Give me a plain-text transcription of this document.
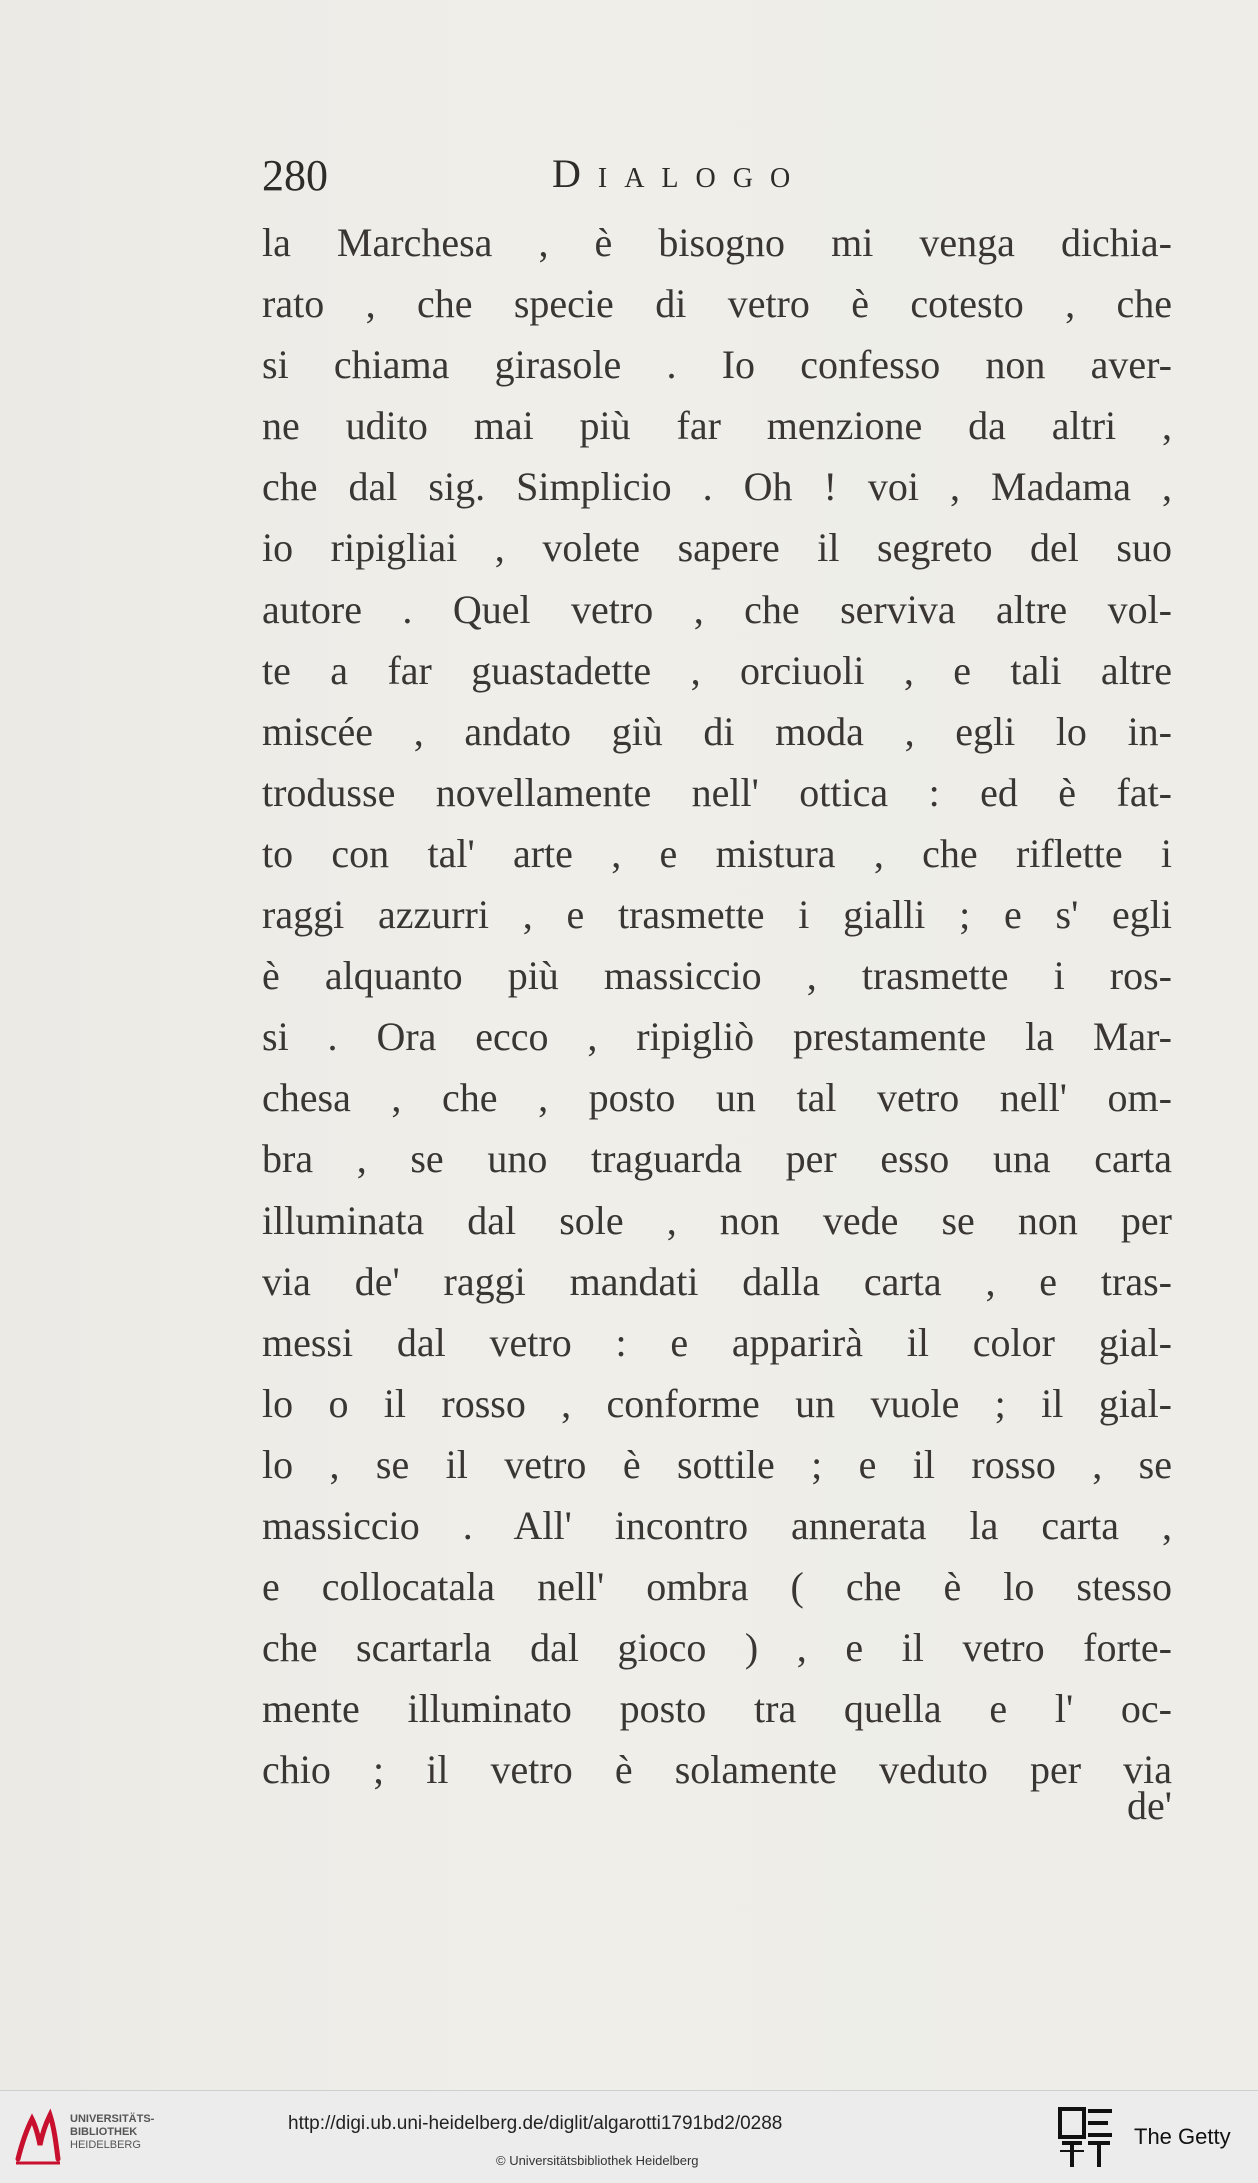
280	Dialogo
la Marchesa , è bisogno mi venga dichia-
rato , che specie di vetro è cotesto , che
si chiama girasole . Io confesso non aver-
ne udito mai più far menzione da altri ,
che dal sig. Simplicio . Oh ! voi , Madama ,
io ripigliai , volete sapere il segreto del suo
autore . Quel vetro , che serviva altre vol-
te a far guastadette , orciuoli , e tali altre
miscée , andato giù di moda , egli lo in-
trodusse novellamente nell' ottica : ed è fat-
to con tal' arte , e mistura , che riflette i
raggi azzurri , e trasmette i gialli ; e s' egli
è alquanto più massiccio , trasmette i ros-
si . Ora ecco , ripigliò prestamente la Mar-
chesa , che , posto un tal vetro nell' om-
bra , se uno traguarda per esso una carta
illuminata dal sole , non vede se non per
via de' raggi mandati dalla carta , e tras-
messi dal vetro : e apparirà il color gial-
lo o il rosso , conforme un vuole ; il gial-
lo , se il vetro è sottile ; e il rosso , se
massiccio . All' incontro annerata la carta ,
e collocatala nell' ombra ( che è lo stesso
che scartarla dal gioco ) , e il vetro forte-
mente illuminato posto tra quella e l' oc-
chio ; il vetro è solamente veduto per via
de'
UNIVERSITÄTS-
BIBLIOTHEK
HEIDELBERG
http://digi.ub.uni-heidelberg.de/diglit/algarotti1791bd2/0288
© Universitätsbibliothek Heidelberg
The Getty
